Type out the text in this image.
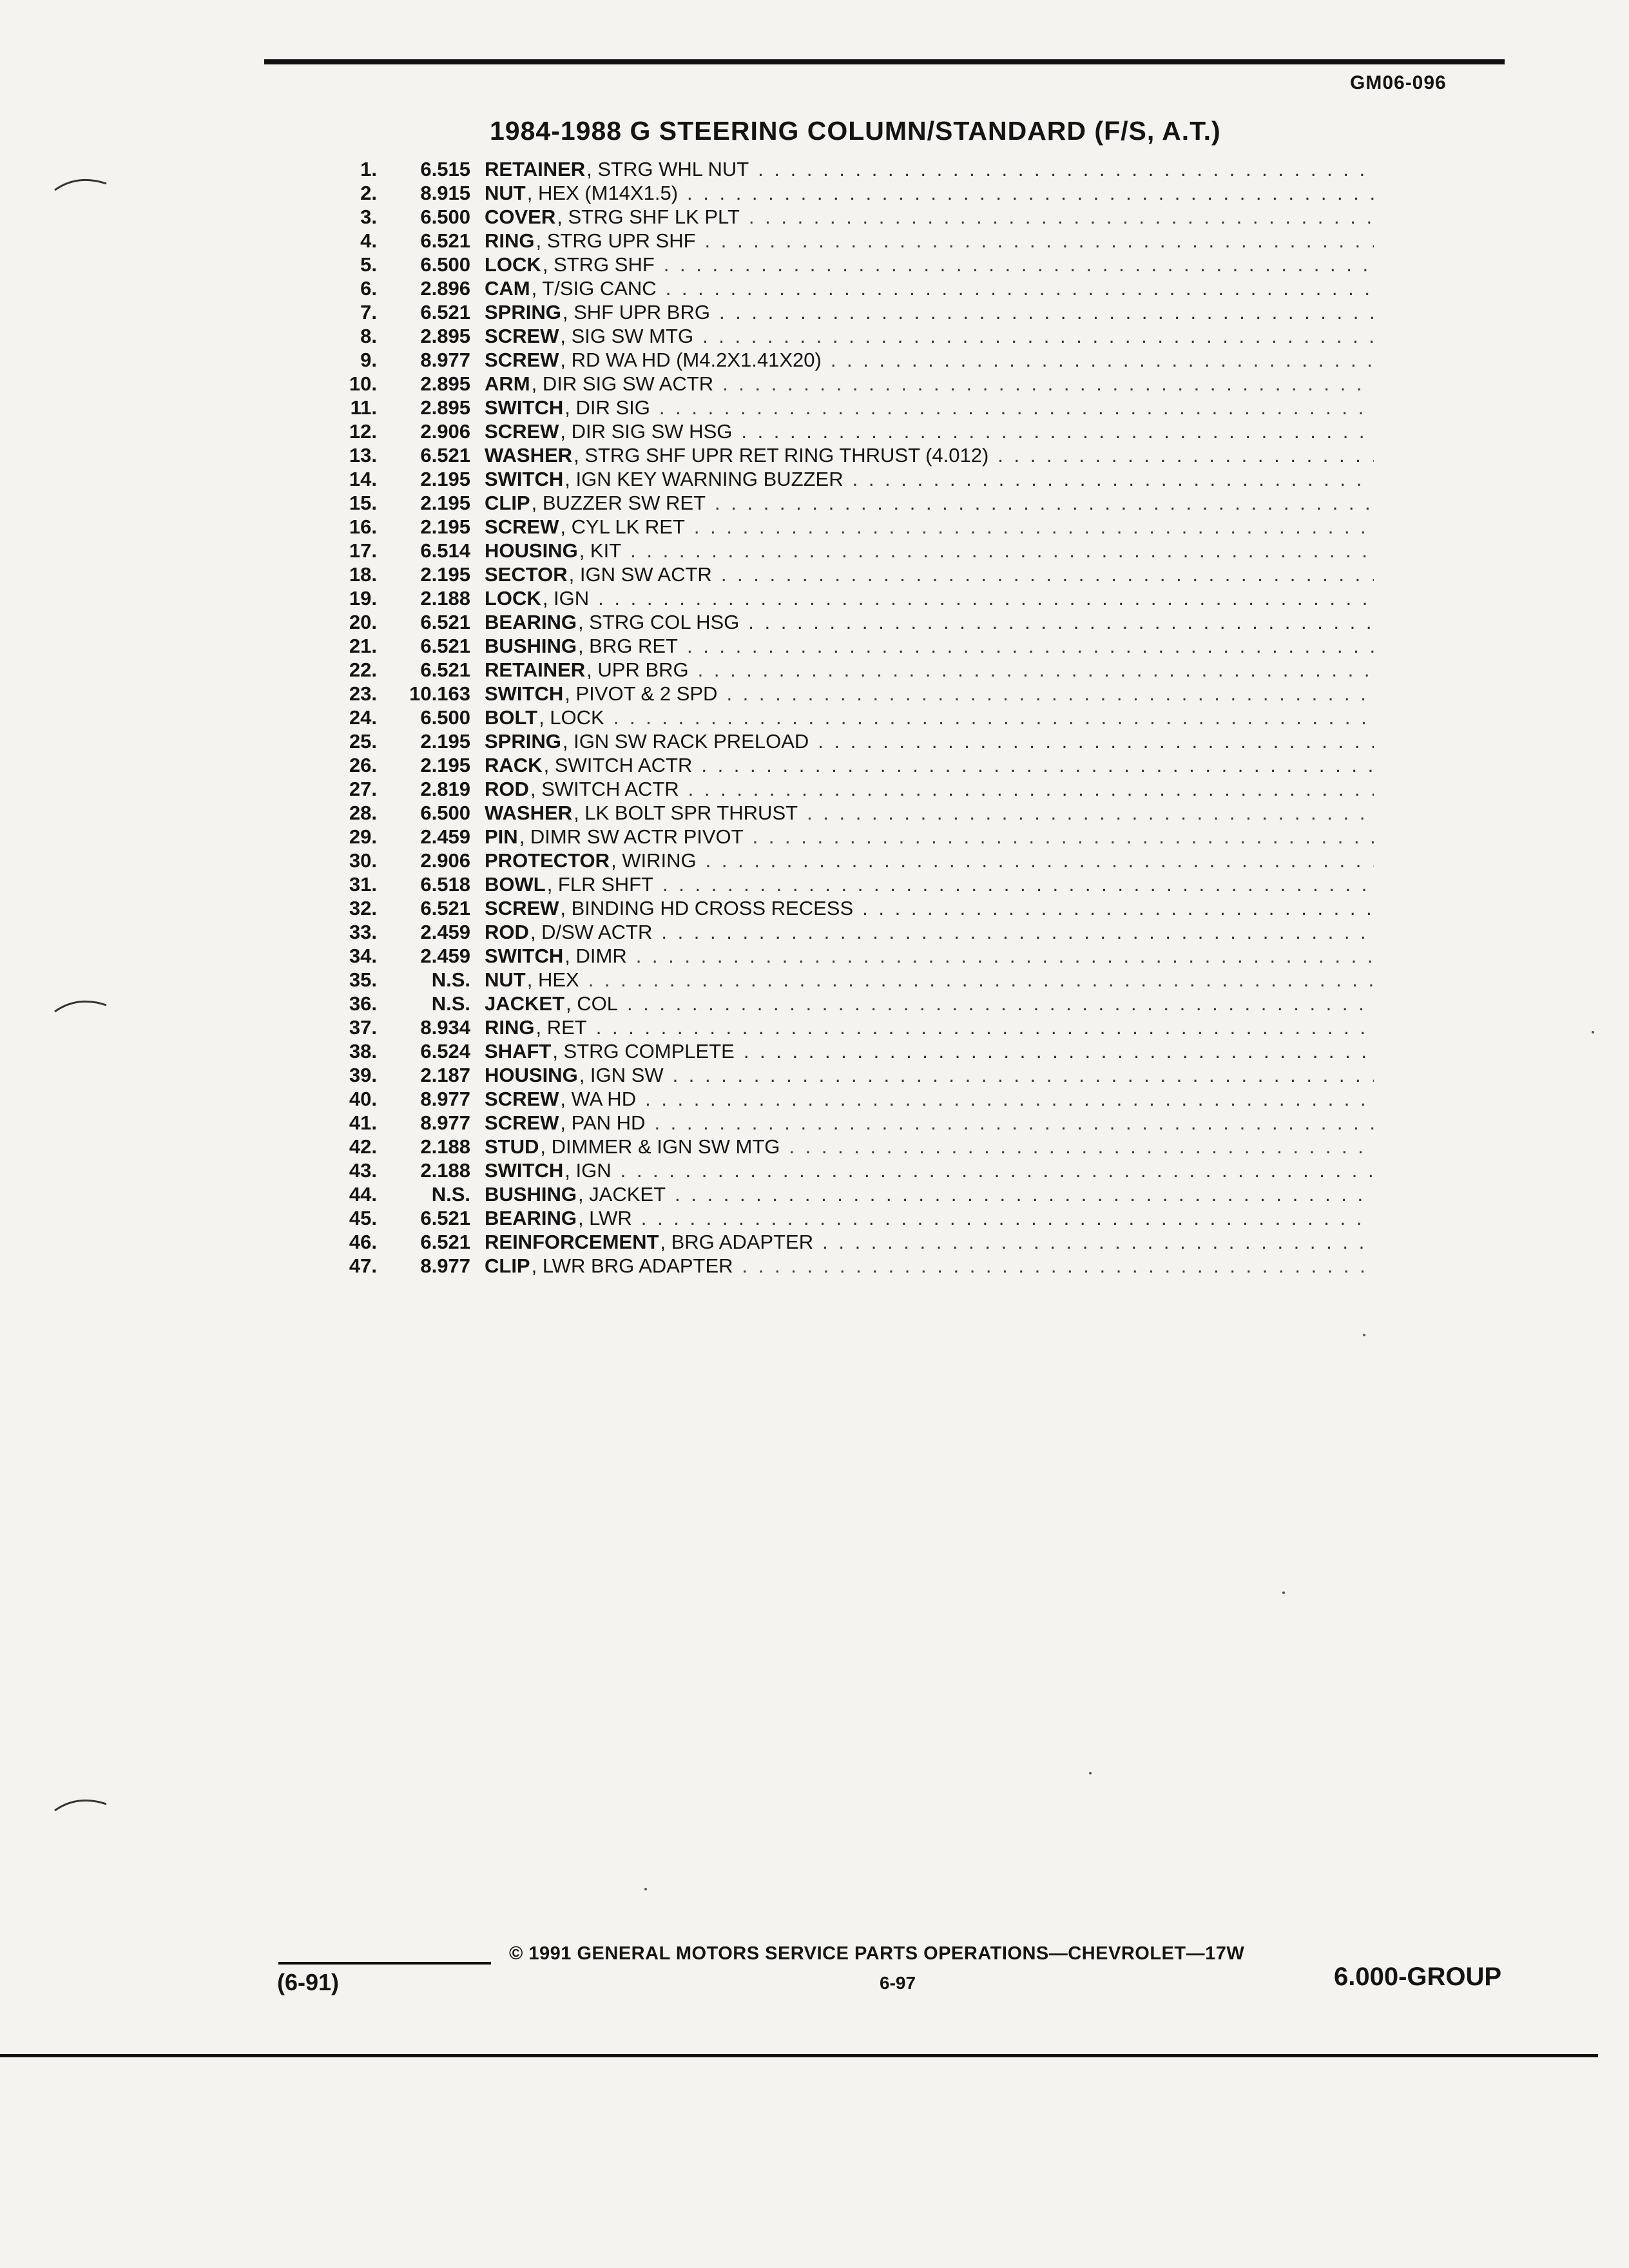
GM06-096
1984-1988 G STEERING COLUMN/STANDARD (F/S, A.T.)
1.	6.515 RETAINER , STRG WHL NUT
. . .
2.	8.915 NUT , HEX (M14X1.5)
. . .
3.	6.500 COVER , STRG SHF LK PLT
. . .
4.	6.521 RING , STRG UPR SHF
. . .
5.	6.500 LOCK , STRG SHF
. . .
6.	2.896 CAM , T/SIG CANC
. . .
7.	6.521 SPRING , SHF UPR BRG
. . .
8.	2.895 SCREW , SIG SW MTG
. . .
9.	8.977 SCREW , RD WA HD (M4.2X1.41X20)
. . .
10.	2.895 ARM , DIR SIG SW ACTR
. . .
11.	2.895 SWITCH , DIR SIG
. . .
12.	2.906 SCREW , DIR SIG SW HSG
. . .
13.	6.521 WASHER , STRG SHF UPR RET RING THRUST (4.012)
. . .
14.	2.195 SWITCH , IGN KEY WARNING BUZZER
. . .
15.	2.195 CLIP , BUZZER SW RET
. . .
16.	2.195 SCREW , CYL LK RET
. . .
17.	6.514 HOUSING , KIT
. . .
18.	2.195 SECTOR , IGN SW ACTR
. . .
19.	2.188 LOCK , IGN
. . .
20.	6.521 BEARING , STRG COL HSG
. . .
21.	6.521 BUSHING , BRG RET
. . .
22.	6.521 RETAINER , UPR BRG
. . .
23.	10.163 SWITCH , PIVOT & 2 SPD
. . .
24.	6.500 BOLT , LOCK
. . .
25.	2.195 SPRING , IGN SW RACK PRELOAD
. . .
26.	2.195 RACK , SWITCH ACTR
. . .
27.	2.819 ROD , SWITCH ACTR
. . .
28.	6.500 WASHER , LK BOLT SPR THRUST
. . .
29.	2.459 PIN , DIMR SW ACTR PIVOT
. . .
30.	2.906 PROTECTOR , WIRING
. . .
31.	6.518 BOWL , FLR SHFT
. . .
32.	6.521 SCREW , BINDING HD CROSS RECESS
. . .
33.	2.459 ROD , D/SW ACTR
. . .
34.	2.459 SWITCH , DIMR
. . .
35.	N.S. NUT , HEX
. . .
36.	N.S. JACKET , COL
. . .
37.	8.934 RING , RET
. . .
38.	6.524 SHAFT , STRG COMPLETE
. . .
39.	2.187 HOUSING , IGN SW
. . .
40.	8.977 SCREW , WA HD
. . .
41.	8.977 SCREW , PAN HD
. . .
42.	2.188 STUD , DIMMER & IGN SW MTG
. . .
43.	2.188 SWITCH , IGN
. . .
44.	N.S. BUSHING , JACKET
. . .
45.	6.521 BEARING , LWR
. . .
46.	6.521 REINFORCEMENT , BRG ADAPTER
. . .
47.	8.977 CLIP , LWR BRG ADAPTER
. . .
© 1991 GENERAL MOTORS SERVICE PARTS OPERATIONS—CHEVROLET—17W
(6-91)	6-97	6.000-GROUP
